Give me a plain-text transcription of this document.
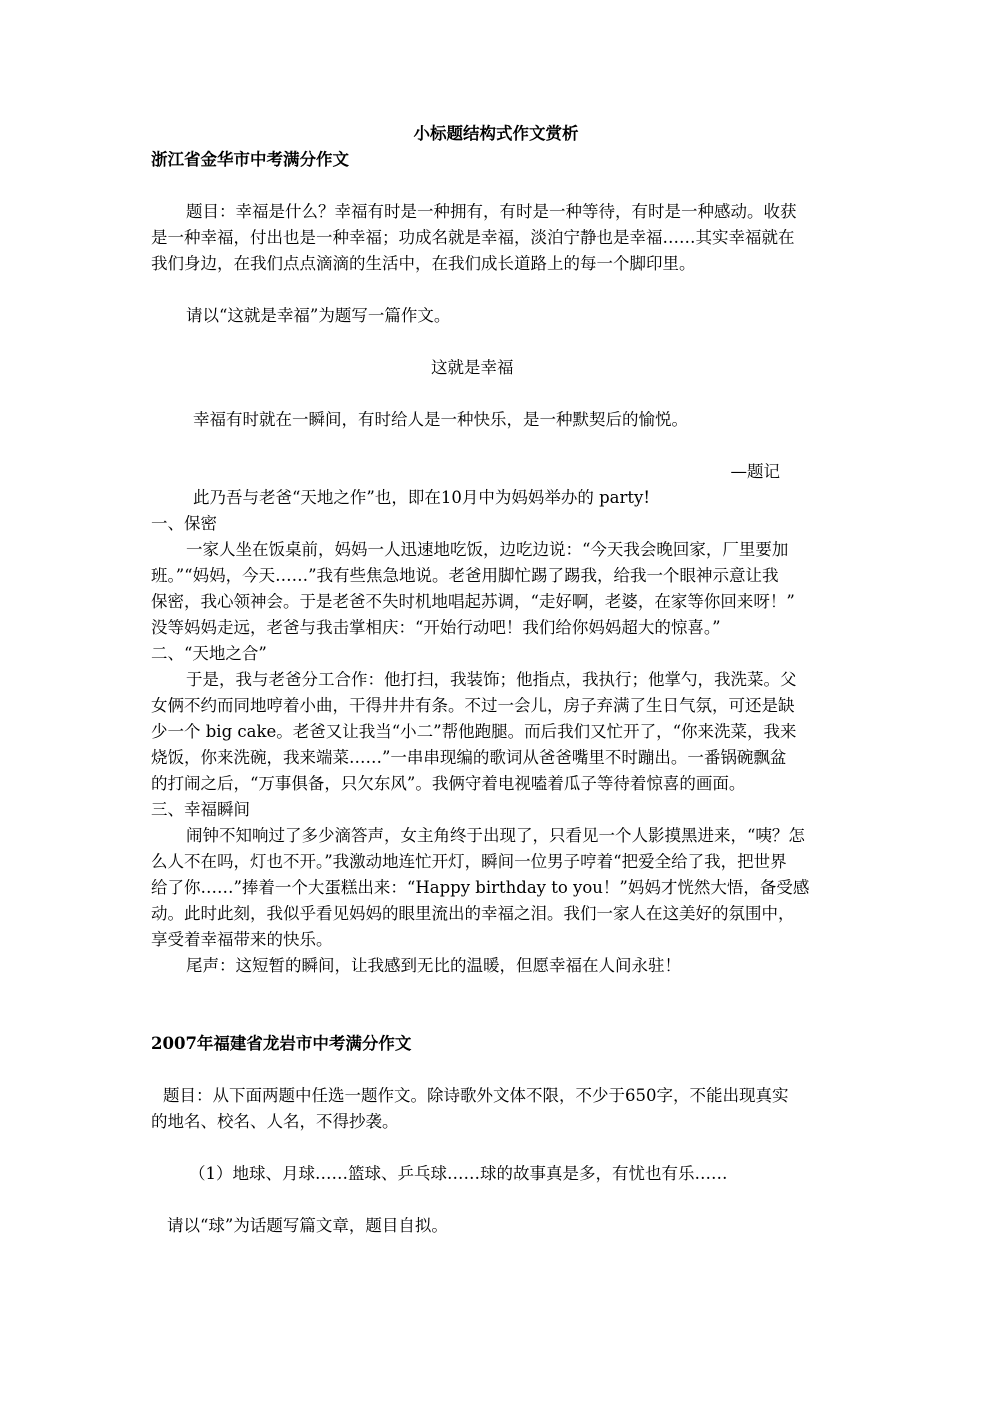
小标题结构式作文赏析
浙江省金华市中考满分作文
题目：幸福是什么？幸福有时是一种拥有，有时是一种等待，有时是一种感动。收获
是一种幸福，付出也是一种幸福；功成名就是幸福，淡泊宁静也是幸福……其实幸福就在
我们身边，在我们点点滴滴的生活中，在我们成长道路上的每一个脚印里。
请以“这就是幸福”为题写一篇作文。
这就是幸福
幸福有时就在一瞬间，有时给人是一种快乐，是一种默契后的愉悦。
—题记
此乃吾与老爸“天地之作”也，即在10月中为妈妈举办的 party!
一、保密
一家人坐在饭桌前，妈妈一人迅速地吃饭，边吃边说：“今天我会晚回家，厂里要加
班。”“妈妈，今天……”我有些焦急地说。老爸用脚忙踢了踢我，给我一个眼神示意让我
保密，我心领神会。于是老爸不失时机地唱起苏调，“走好啊，老婆，在家等你回来呀！”
没等妈妈走远，老爸与我击掌相庆：“开始行动吧！我们给你妈妈超大的惊喜。”
二、“天地之合”
于是，我与老爸分工合作：他打扫，我装饰；他指点，我执行；他掌勺，我洗菜。父
女俩不约而同地哼着小曲，干得井井有条。不过一会儿，房子弃满了生日气氛，可还是缺
少一个 big cake。老爸又让我当“小二”帮他跑腿。而后我们又忙开了，“你来洗菜，我来
烧饭，你来洗碗，我来端菜……”一串串现编的歌词从爸爸嘴里不时蹦出。一番锅碗飘盆
的打闹之后，“万事俱备，只欠东风”。我俩守着电视嗑着瓜子等待着惊喜的画面。
三、幸福瞬间
闹钟不知响过了多少滴答声，女主角终于出现了，只看见一个人影摸黑进来，“咦？怎
么人不在吗，灯也不开。”我激动地连忙开灯，瞬间一位男子哼着“把爱全给了我，把世界
给了你……”捧着一个大蛋糕出来：“Happy birthday to you！”妈妈才恍然大悟，备受感
动。此时此刻，我似乎看见妈妈的眼里流出的幸福之泪。我们一家人在这美好的氛围中，
享受着幸福带来的快乐。
尾声：这短暂的瞬间，让我感到无比的温暖，但愿幸福在人间永驻！
2007年福建省龙岩市中考满分作文
题目：从下面两题中任选一题作文。除诗歌外文体不限，不少于650字，不能出现真实
的地名、校名、人名，不得抄袭。
（1）地球、月球……篮球、乒乓球……球的故事真是多，有忧也有乐……
请以“球”为话题写篇文章，题目自拟。
